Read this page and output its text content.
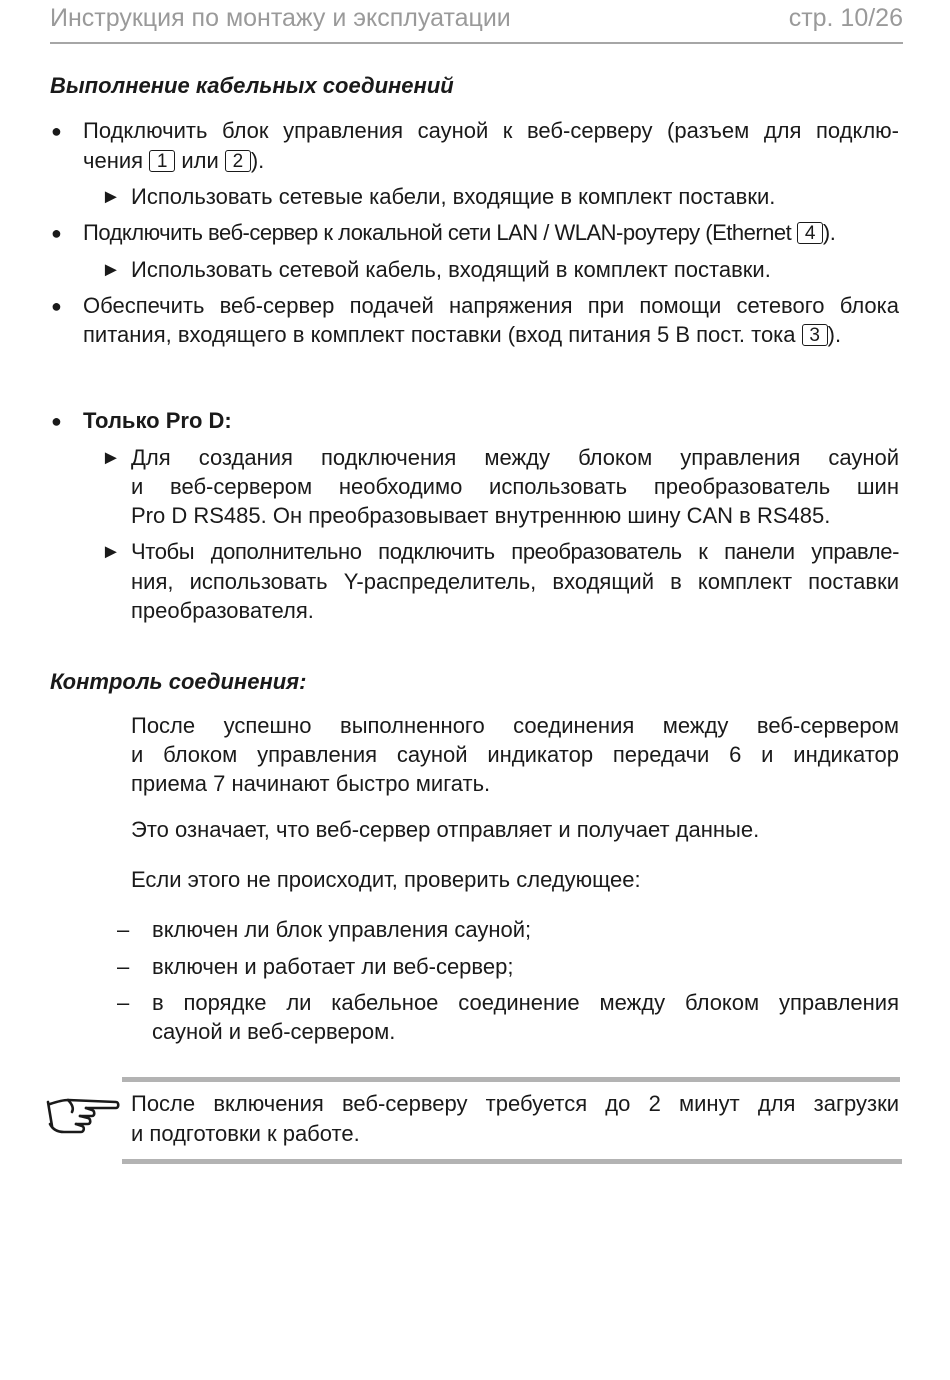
Инструкция по монтажу и эксплуатации	стр. 10/26
Выполнение кабельных соединений
● Подключить блок управления сауной к веб-серверу (разъем для подклю-
чения 1 или 2 ).
► Использовать сетевые кабели, входящие в комплект поставки.
● Подключить веб-сервер к локальной сети LAN / WLAN-роутеру (Ethernet 4 ).
► Использовать сетевой кабель, входящий в комплект поставки.
● Обеспечить веб-сервер подачей напряжения при помощи сетевого блока
питания, входящего в комплект поставки (вход питания 5 В пост. тока 3 ).
● Только Pro D:
► Для создания подключения между блоком управления сауной
и веб-сервером необходимо использовать преобразователь шин
Pro D RS485. Он преобразовывает внутреннюю шину CAN в RS485.
► Чтобы дополнительно подключить преобразователь к панели управле-
ния, использовать Y-распределитель, входящий в комплект поставки
преобразователя.
Контроль соединения:
После успешно выполненного соединения между веб-сервером
и блоком управления сауной индикатор передачи 6 и индикатор
приема 7 начинают быстро мигать.
Это означает, что веб-сервер отправляет и получает данные.
Если этого не происходит, проверить следующее:
– включен ли блок управления сауной;
– включен и работает ли веб-сервер;
– в порядке ли кабельное соединение между блоком управления
сауной и веб-сервером.
После включения веб-серверу требуется до 2 минут для загрузки
и подготовки к работе.
